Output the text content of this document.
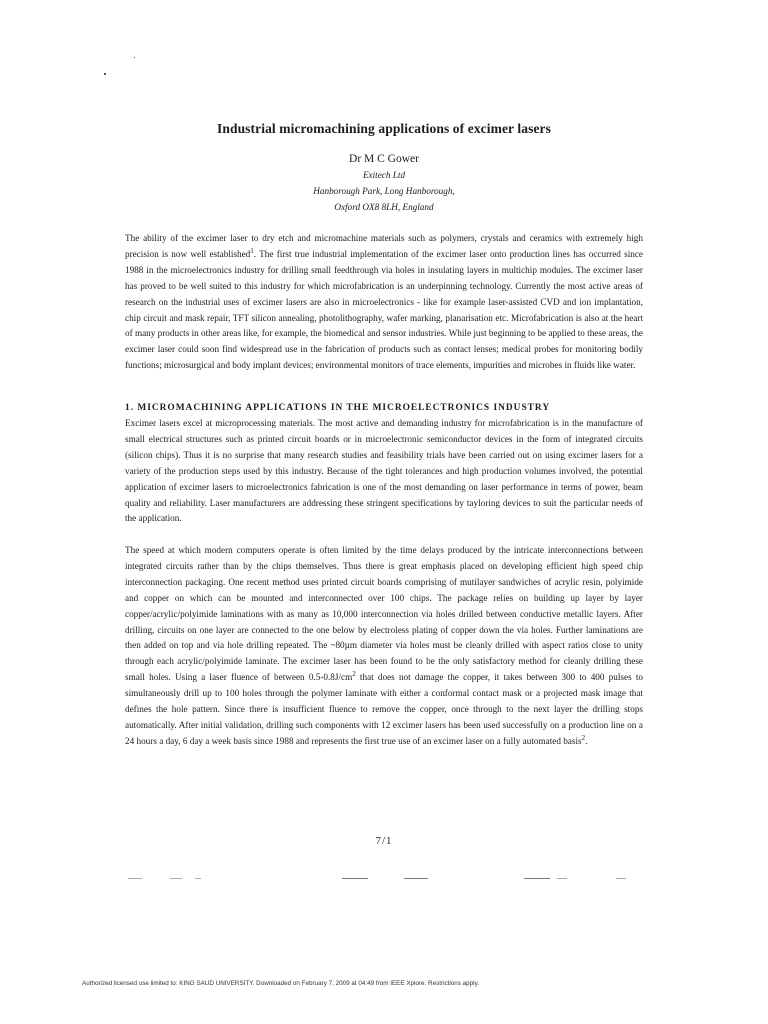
Industrial micromachining applications of excimer lasers
Dr M C Gower
Exitech Ltd
Hanborough Park, Long Hanborough,
Oxford OX8 8LH, England
The ability of the excimer laser to dry etch and micromachine materials such as polymers, crystals and ceramics with extremely high precision is now well established$^1$. The first true industrial implementation of the excimer laser onto production lines has occurred since 1988 in the microelectronics industry for drilling small feedthrough via holes in insulating layers in multichip modules. The excimer laser has proved to be well suited to this industry for which microfabrication is an underpinning technology. Currently the most active areas of research on the industrial uses of excimer lasers are also in microelectronics - like for example laser-assisted CVD and ion implantation, chip circuit and mask repair, TFT silicon annealing, photolithography, wafer marking, planarisation etc. Microfabrication is also at the heart of many products in other areas like, for example, the biomedical and sensor industries. While just beginning to be applied to these areas, the excimer laser could soon find widespread use in the fabrication of products such as contact lenses; medical probes for monitoring bodily functions; microsurgical and body implant devices; environmental monitors of trace elements, impurities and microbes in fluids like water.
1. MICROMACHINING APPLICATIONS IN THE MICROELECTRONICS INDUSTRY
Excimer lasers excel at microprocessing materials. The most active and demanding industry for microfabrication is in the manufacture of small electrical structures such as printed circuit boards or in microelectronic semiconductor devices in the form of integrated circuits (silicon chips). Thus it is no surprise that many research studies and feasibility trials have been carried out on using excimer lasers for a variety of the production steps used by this industry. Because of the tight tolerances and high production volumes involved, the potential application of excimer lasers to microelectronics fabrication is one of the most demanding on laser performance in terms of power, beam quality and reliability. Laser manufacturers are addressing these stringent specifications by tayloring devices to suit the particular needs of the application.
The speed at which modern computers operate is often limited by the time delays produced by the intricate interconnections between integrated circuits rather than by the chips themselves. Thus there is great emphasis placed on developing efficient high speed chip interconnection packaging. One recent method uses printed circuit boards comprising of mutilayer sandwiches of acrylic resin, polyimide and copper on which can be mounted and interconnected over 100 chips. The package relies on building up layer by layer copper/acrylic/polyimide laminations with as many as 10,000 interconnection via holes drilled between conductive metallic layers. After drilling, circuits on one layer are connected to the one below by electroless plating of copper down the via holes. Further laminations are then added on top and via hole drilling repeated. The ~80µm diameter via holes must be cleanly drilled with aspect ratios close to unity through each acrylic/polyimide laminate. The excimer laser has been found to be the only satisfactory method for cleanly drilling these small holes. Using a laser fluence of between $0.5-0.8J/cm^2$ that does not damage the copper, it takes between 300 to 400 pulses to simultaneously drill up to 100 holes through the polymer laminate with either a conformal contact mask or a projected mask image that defines the hole pattern. Since there is insufficient fluence to remove the copper, once through to the next layer the drilling stops automatically. After initial validation, drilling such components with 12 excimer lasers has been used successfully on a production line on a 24 hours a day, 6 day a week basis since 1988 and represents the first true use of an excimer laser on a fully automated basis$^2$.
7/1
Authorized licensed use limited to: KING SAUD UNIVERSITY. Downloaded on February 7, 2009 at 04:49 from IEEE Xplore. Restrictions apply.
